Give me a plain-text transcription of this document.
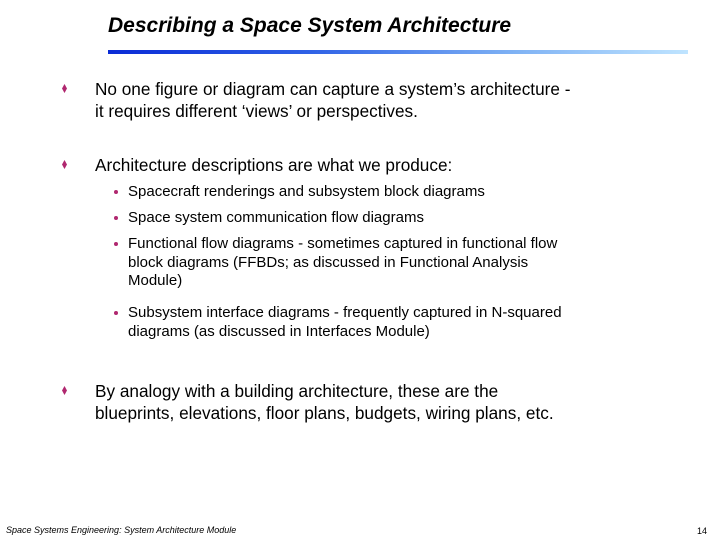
Describing a Space System Architecture
No one figure or diagram can capture a system’s architecture -
it requires different ‘views’ or perspectives.
Architecture descriptions are what we produce:
Spacecraft renderings and subsystem block diagrams
Space system communication flow diagrams
Functional flow diagrams - sometimes captured in functional flow
block diagrams (FFBDs; as discussed in Functional Analysis
Module)
Subsystem interface diagrams - frequently captured in N-squared
diagrams (as discussed in Interfaces Module)
By analogy with a building architecture, these are the
blueprints, elevations, floor plans, budgets, wiring plans, etc.
Space Systems Engineering: System Architecture Module	14
